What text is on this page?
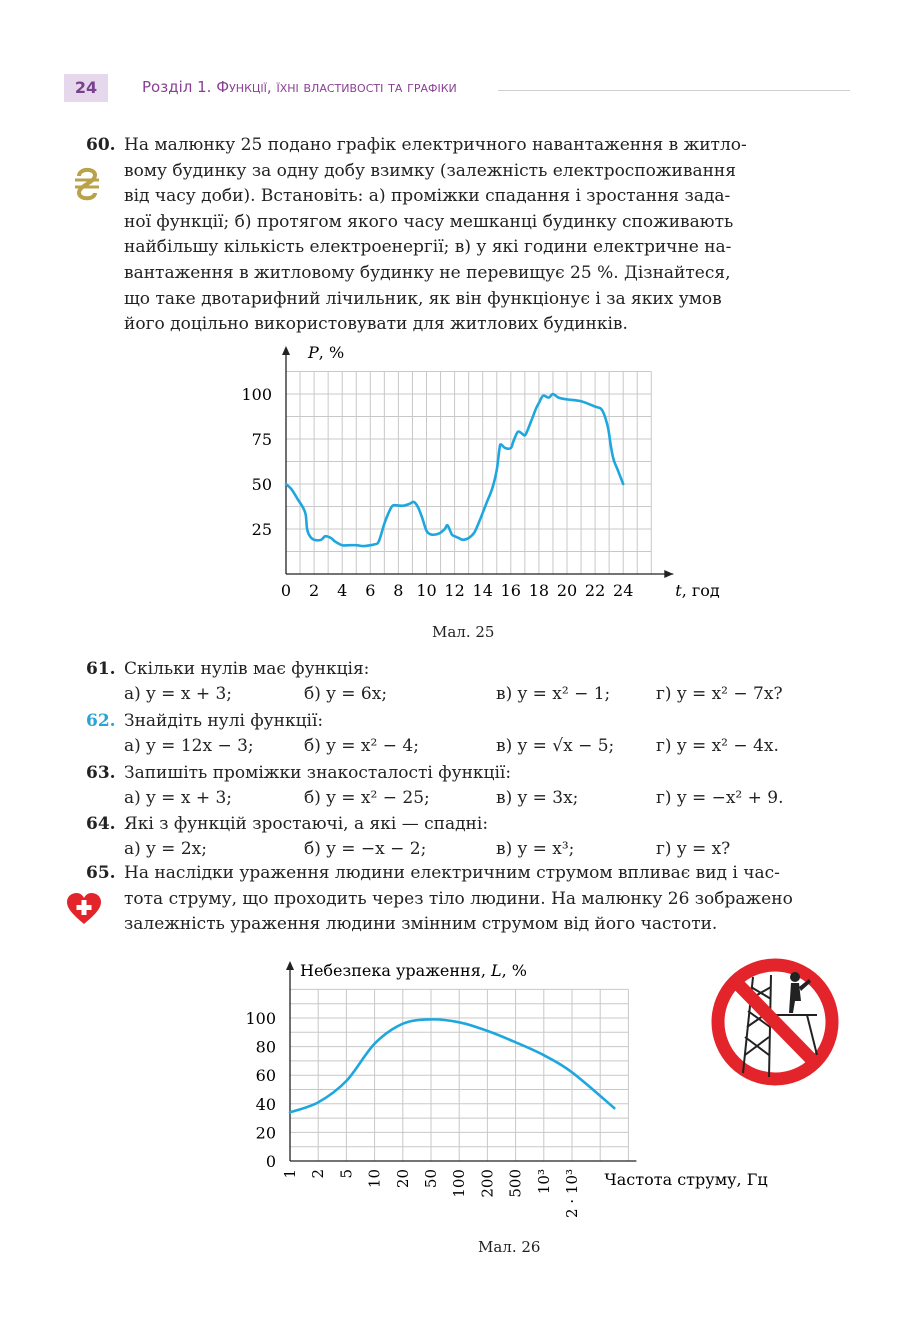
24	Розділ 1. Функції, їхні властивості та графіки
60. На малюнку 25 подано графік електричного навантаження в житло-
вому будинку за одну добу взимку (залежність електроспоживання
від часу доби). Встановіть: а) проміжки спадання і зростання зада-
ної функції; б) протягом якого часу мешканці будинку споживають
найбільшу кількість електроенергії; в) у які години електричне на-
вантаження в житловому будинку не перевищує 25 %. Дізнайтеся,
що таке двотарифний лічильник, як він функціонує і за яких умов
його доцільно використовувати для житлових будинків.
0 2 4 6 8 10 12 14 16 18 20 22 24
25
50
75
100
P, %
t, год
Мал. 25
61. Скільки нулів має функція:
а) y = x + 3;	б) y = 6x;	в) y = x² − 1;	г) y = x² − 7x?
62. Знайдіть нулі функції:
а) y = 12x − 3;	б) y = x² − 4;	в) y = √x − 5; г) y = x² − 4x.
63. Запишіть проміжки знакосталості функції:
а) y = x + 3;	б) y = x² − 25;	в) y = 3x;	г) y = −x² + 9.
64. Які з функцій зростаючі, а які — спадні:
а) y = 2x;	б) y = −x − 2;	в) y = x³;	г) y = x?
65. На наслідки ураження людини електричним струмом впливає вид і час-
тота струму, що проходить через тіло людини. На малюнку 26 зображено
залежність ураження людини змінним струмом від його частоти.
0
20
40
60
80
100
1 2 5 10 20 50 100 200 500 10³ 2 · 10³
Небезпека ураження, L, %
Частота струму, Гц
Мал. 26
